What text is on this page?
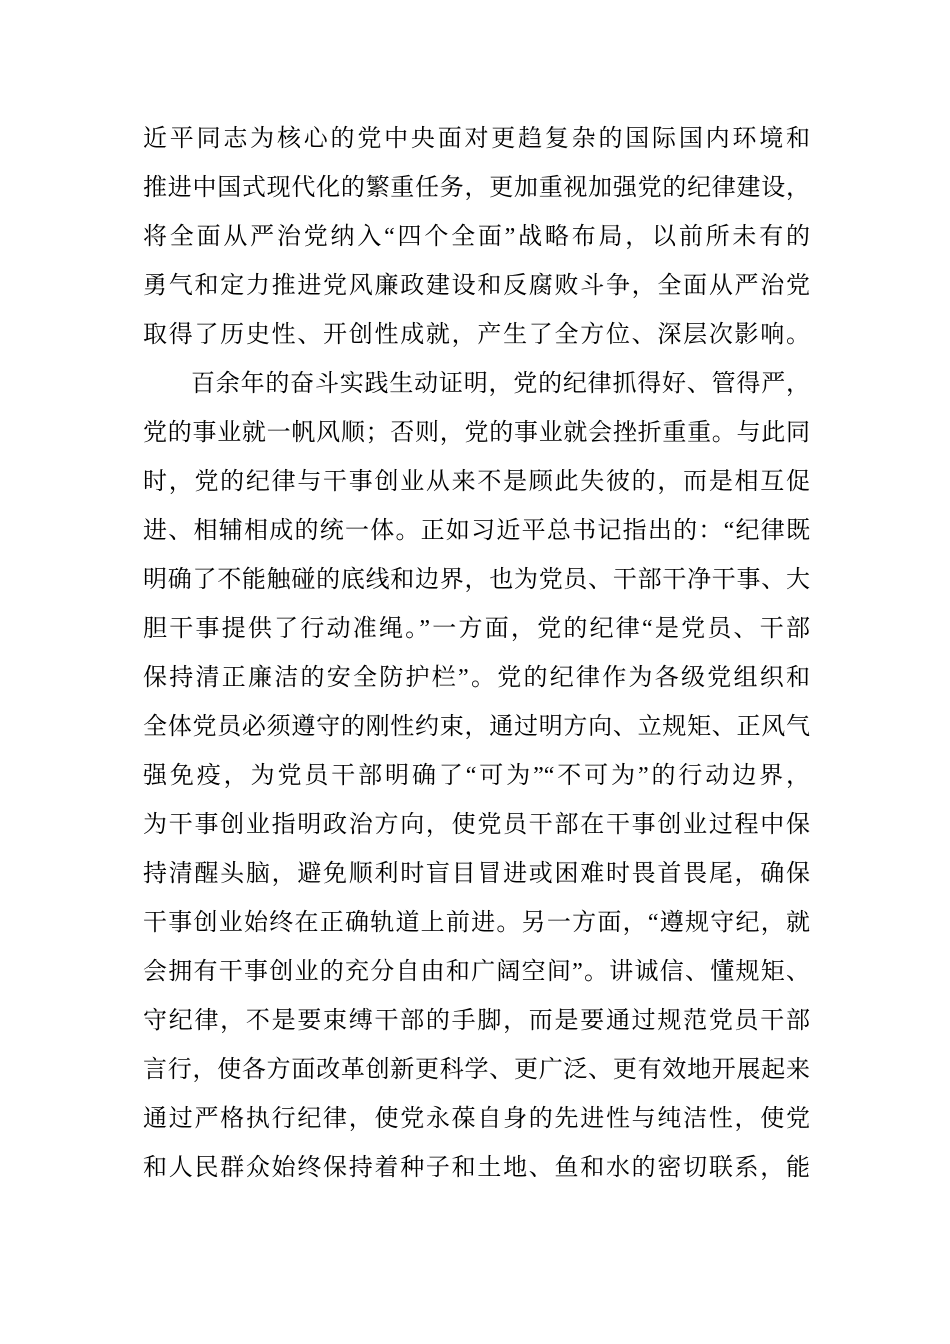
近平同志为核心的党中央面对更趋复杂的国际国内环境和
推进中国式现代化的繁重任务，更加重视加强党的纪律建设，
将全面从严治党纳入“四个全面”战略布局，以前所未有的
勇气和定力推进党风廉政建设和反腐败斗争，全面从严治党
取得了历史性、开创性成就，产生了全方位、深层次影响。
百余年的奋斗实践生动证明，党的纪律抓得好、管得严，
党的事业就一帆风顺；否则，党的事业就会挫折重重。与此同
时，党的纪律与干事创业从来不是顾此失彼的，而是相互促
进、相辅相成的统一体。正如习近平总书记指出的：“纪律既
明确了不能触碰的底线和边界，也为党员、干部干净干事、大
胆干事提供了行动准绳。”一方面，党的纪律“是党员、干部
保持清正廉洁的安全防护栏”。党的纪律作为各级党组织和
全体党员必须遵守的刚性约束，通过明方向、立规矩、正风气
强免疫，为党员干部明确了“可为”“不可为”的行动边界，
为干事创业指明政治方向，使党员干部在干事创业过程中保
持清醒头脑，避免顺利时盲目冒进或困难时畏首畏尾，确保
干事创业始终在正确轨道上前进。另一方面，“遵规守纪，就
会拥有干事创业的充分自由和广阔空间”。讲诚信、懂规矩、
守纪律，不是要束缚干部的手脚，而是要通过规范党员干部
言行，使各方面改革创新更科学、更广泛、更有效地开展起来
通过严格执行纪律，使党永葆自身的先进性与纯洁性，使党
和人民群众始终保持着种子和土地、鱼和水的密切联系，能
